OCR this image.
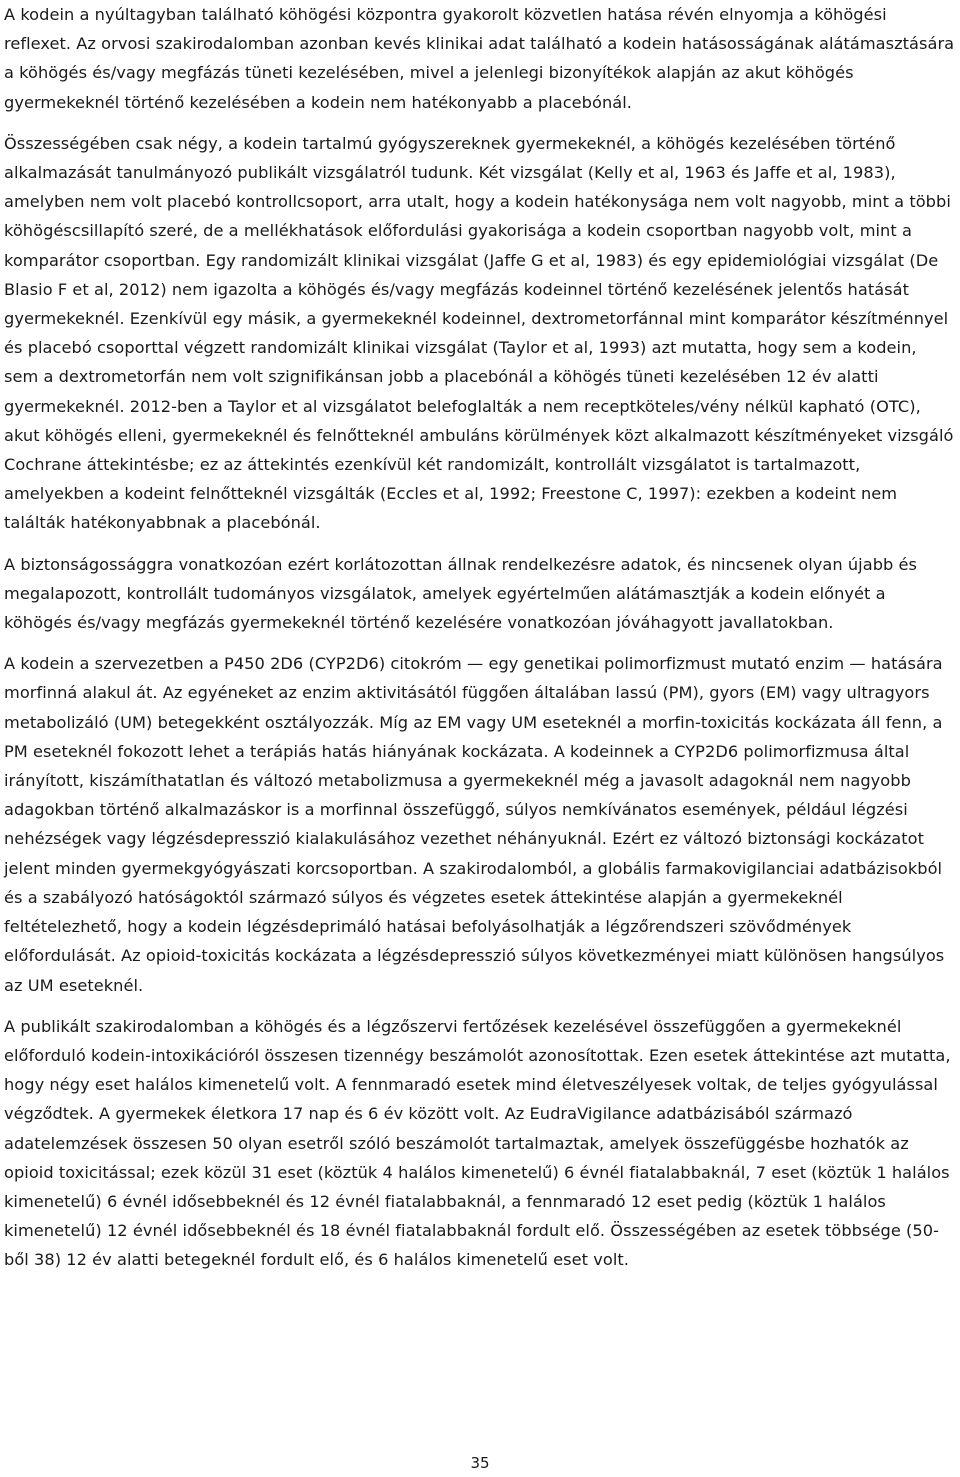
A kodein a nyúltagyban található köhögési központra gyakorolt közvetlen hatása révén elnyomja a köhögési reflexet. Az orvosi szakirodalomban azonban kevés klinikai adat található a kodein hatásosságának alátámasztására a köhögés és/vagy megfázás tüneti kezelésében, mivel a jelenlegi bizonyítékok alapján az akut köhögés gyermekeknél történő kezelésében a kodein nem hatékonyabb a placebónál.

Összességében csak négy, a kodein tartalmú gyógyszereknek gyermekeknél, a köhögés kezelésében történő alkalmazását tanulmányozó publikált vizsgálatról tudunk. Két vizsgálat (Kelly et al, 1963 és Jaffe et al, 1983), amelyben nem volt placebó kontrollcsoport, arra utalt, hogy a kodein hatékonysága nem volt nagyobb, mint a többi köhögéscsillapító szeré, de a mellékhatások előfordulási gyakorisága a kodein csoportban nagyobb volt, mint a komparátor csoportban. Egy randomizált klinikai vizsgálat (Jaffe G et al, 1983) és egy epidemiológiai vizsgálat (De Blasio F et al, 2012) nem igazolta a köhögés és/vagy megfázás kodeinnel történő kezelésének jelentős hatását gyermekeknél. Ezenkívül egy másik, a gyermekeknél kodeinnel, dextrometorfánnal mint komparátor készítménnyel és placebó csoporttal végzett randomizált klinikai vizsgálat (Taylor et al, 1993) azt mutatta, hogy sem a kodein, sem a dextrometorfán nem volt szignifikánsan jobb a placebónál a köhögés tüneti kezelésében 12 év alatti gyermekeknél. 2012-ben a Taylor et al vizsgálatot belefoglalták a nem receptköteles/vény nélkül kapható (OTC), akut köhögés elleni, gyermekeknél és felnőtteknél ambuláns körülmények közt alkalmazott készítményeket vizsgáló Cochrane áttekintésbe; ez az áttekintés ezenkívül két randomizált, kontrollált vizsgálatot is tartalmazott, amelyekben a kodeint felnőtteknél vizsgálták (Eccles et al, 1992; Freestone C, 1997): ezekben a kodeint nem találták hatékonyabbnak a placebónál.

A biztonságossággra vonatkozóan ezért korlátozottan állnak rendelkezésre adatok, és nincsenek olyan újabb és megalapozott, kontrollált tudományos vizsgálatok, amelyek egyértelműen alátámasztják a kodein előnyét a köhögés és/vagy megfázás gyermekeknél történő kezelésére vonatkozóan jóváhagyott javallatokban.

A kodein a szervezetben a P450 2D6 (CYP2D6) citokróm — egy genetikai polimorfizmust mutató enzim — hatására morfinná alakul át. Az egyéneket az enzim aktivitásától függően általában lassú (PM), gyors (EM) vagy ultragyors metabolizáló (UM) betegekként osztályozzák. Míg az EM vagy UM eseteknél a morfin-toxicitás kockázata áll fenn, a PM eseteknél fokozott lehet a terápiás hatás hiányának kockázata. A kodeinnek a CYP2D6 polimorfizmusa által irányított, kiszámíthatatlan és változó metabolizmusa a gyermekeknél még a javasolt adagoknál nem nagyobb adagokban történő alkalmazáskor is a morfinnal összefüggő, súlyos nemkívánatos események, például légzési nehézségek vagy légzésdepresszió kialakulásához vezethet néhányuknál. Ezért ez változó biztonsági kockázatot jelent minden gyermekgyógyászati korcsoportban. A szakirodalomból, a globális farmakovigilanciai adatbázisokból és a szabályozó hatóságoktól származó súlyos és végzetes esetek áttekintése alapján a gyermekeknél feltételezhető, hogy a kodein légzésdeprimáló hatásai befolyásolhatják a légzőrendszeri szövődmények előfordulását. Az opioid-toxicitás kockázata a légzésdepresszió súlyos következményei miatt különösen hangsúlyos az UM eseteknél.

A publikált szakirodalomban a köhögés és a légzőszervi fertőzések kezelésével összefüggően a gyermekeknél előforduló kodein-intoxikációról összesen tizennégy beszámolót azonosítottak. Ezen esetek áttekintése azt mutatta, hogy négy eset halálos kimenetelű volt. A fennmaradó esetek mind életveszélyesek voltak, de teljes gyógyulással végződtek. A gyermekek életkora 17 nap és 6 év között volt. Az EudraVigilance adatbázisából származó adatelemzések összesen 50 olyan esetről szóló beszámolót tartalmaztak, amelyek összefüggésbe hozhatók az opioid toxicitással; ezek közül 31 eset (köztük 4 halálos kimenetelű) 6 évnél fiatalabbaknál, 7 eset (köztük 1 halálos kimenetelű) 6 évnél idősebbeknél és 12 évnél fiatalabbaknál, a fennmaradó 12 eset pedig (köztük 1 halálos kimenetelű) 12 évnél idősebbeknél és 18 évnél fiatalabbaknál fordult elő. Összességében az esetek többsége (50-ből 38) 12 év alatti betegeknél fordult elő, és 6 halálos kimenetelű eset volt.

35
